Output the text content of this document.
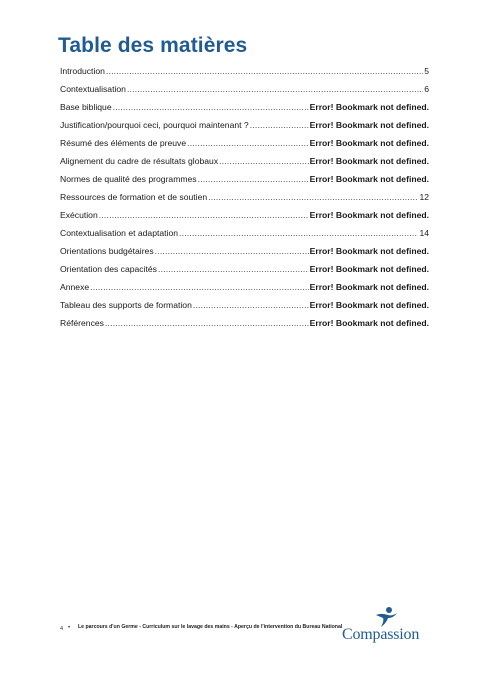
Table des matières
Introduction .....	5
Contextualisation .....	6
Base biblique .....	Error! Bookmark not defined.
Justification/pourquoi ceci, pourquoi maintenant ? .....	Error! Bookmark not defined.
Résumé des éléments de preuve .....	Error! Bookmark not defined.
Alignement du cadre de résultats globaux .....	Error! Bookmark not defined.
Normes de qualité des programmes .....	Error! Bookmark not defined.
Ressources de formation et de soutien .....	12
Exécution .....	Error! Bookmark not defined.
Contextualisation et adaptation .....	14
Orientations budgétaires .....	Error! Bookmark not defined.
Orientation des capacités .....	Error! Bookmark not defined.
Annexe .....	Error! Bookmark not defined.
Tableau des supports de formation .....	Error! Bookmark not defined.
Références .....	Error! Bookmark not defined.
4 • Le parcours d'un Germe - Curriculum sur le lavage des mains - Aperçu de l'intervention du Bureau National Compassion
